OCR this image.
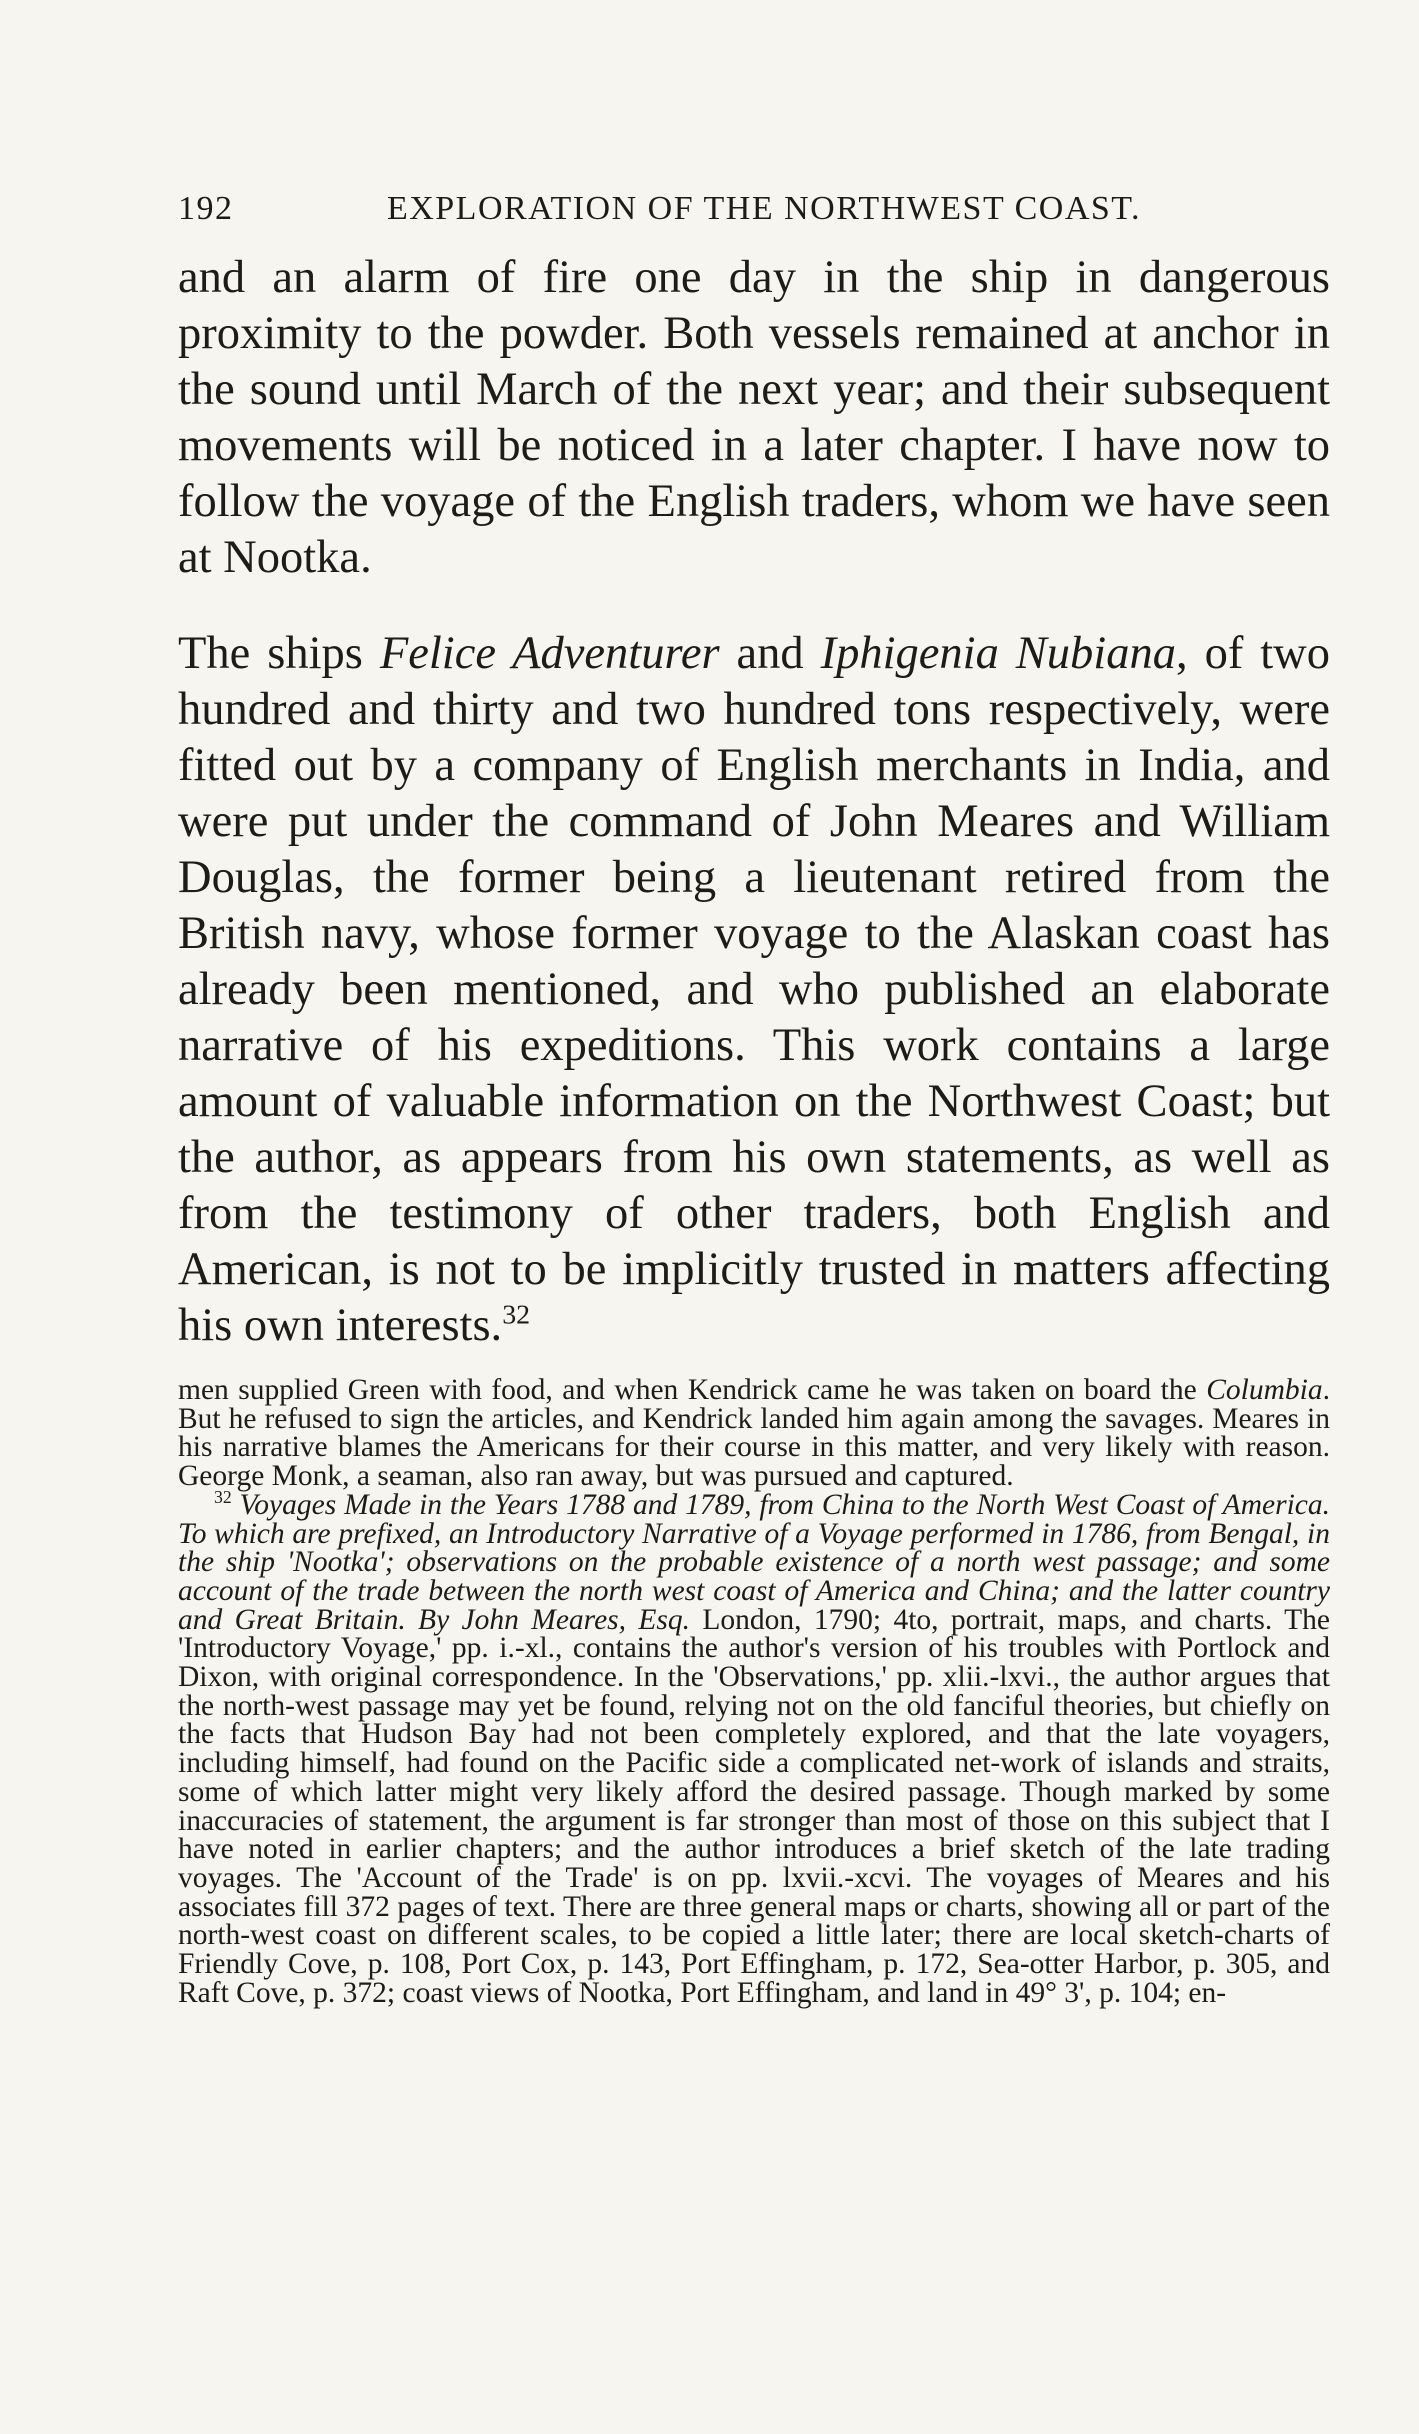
192	EXPLORATION OF THE NORTHWEST COAST.

and an alarm of fire one day in the ship in dangerous proximity to the powder. Both vessels remained at anchor in the sound until March of the next year; and their subsequent movements will be noticed in a later chapter. I have now to follow the voyage of the English traders, whom we have seen at Nootka.

The ships Felice Adventurer and Iphigenia Nubiana, of two hundred and thirty and two hundred tons respectively, were fitted out by a company of English merchants in India, and were put under the command of John Meares and William Douglas, the former being a lieutenant retired from the British navy, whose former voyage to the Alaskan coast has already been mentioned, and who published an elaborate narrative of his expeditions. This work contains a large amount of valuable information on the Northwest Coast; but the author, as appears from his own statements, as well as from the testimony of other traders, both English and American, is not to be implicitly trusted in matters affecting his own interests.$^{32}$

men supplied Green with food, and when Kendrick came he was taken on board the Columbia. But he refused to sign the articles, and Kendrick landed him again among the savages. Meares in his narrative blames the Americans for their course in this matter, and very likely with reason. George Monk, a seaman, also ran away, but was pursued and captured.

$^{32}$ Voyages Made in the Years 1788 and 1789, from China to the North West Coast of America. To which are prefixed, an Introductory Narrative of a Voyage performed in 1786, from Bengal, in the ship 'Nootka'; observations on the probable existence of a north west passage; and some account of the trade between the north west coast of America and China; and the latter country and Great Britain. By John Meares, Esq. London, 1790; 4to, portrait, maps, and charts. The 'Introductory Voyage,' pp. i.-xl., contains the author's version of his troubles with Portlock and Dixon, with original correspondence. In the 'Observations,' pp. xlii.-lxvi., the author argues that the north-west passage may yet be found, relying not on the old fanciful theories, but chiefly on the facts that Hudson Bay had not been completely explored, and that the late voyagers, including himself, had found on the Pacific side a complicated net-work of islands and straits, some of which latter might very likely afford the desired passage. Though marked by some inaccuracies of statement, the argument is far stronger than most of those on this subject that I have noted in earlier chapters; and the author introduces a brief sketch of the late trading voyages. The 'Account of the Trade' is on pp. lxvii.-xcvi. The voyages of Meares and his associates fill 372 pages of text. There are three general maps or charts, showing all or part of the north-west coast on different scales, to be copied a little later; there are local sketch-charts of Friendly Cove, p. 108, Port Cox, p. 143, Port Effingham, p. 172, Sea-otter Harbor, p. 305, and Raft Cove, p. 372; coast views of Nootka, Port Effingham, and land in 49° 3', p. 104; en-
